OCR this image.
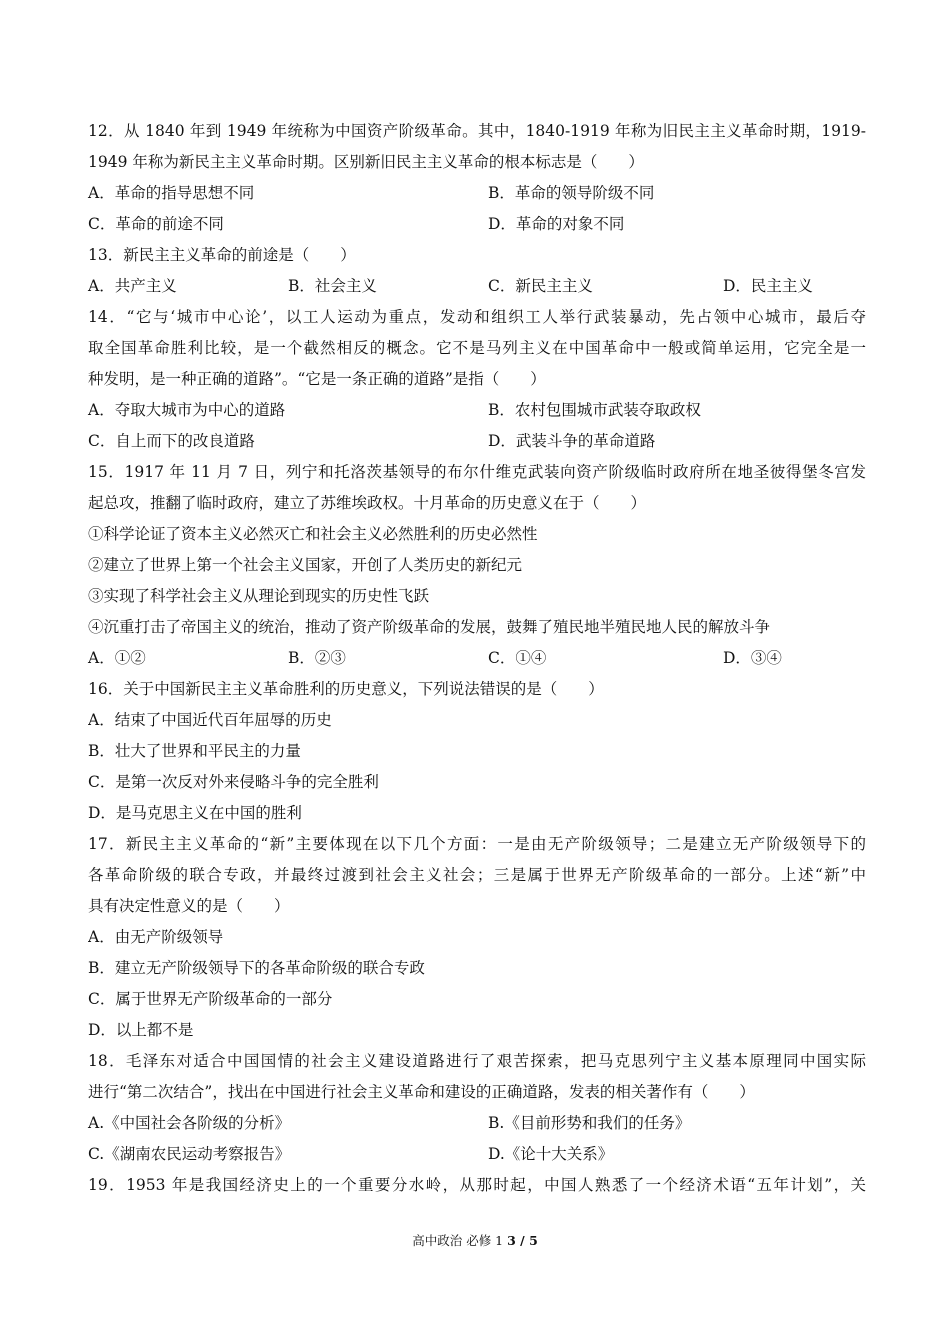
12．从 1840 年到 1949 年统称为中国资产阶级革命。其中，1840-1919 年称为旧民主主义革命时期，1919-
1949 年称为新民主主义革命时期。区别新旧民主主义革命的根本标志是（　　）
A．革命的指导思想不同	B．革命的领导阶级不同
C．革命的前途不同	D．革命的对象不同
13．新民主主义革命的前途是（　　）
A．共产主义	B．社会主义	C．新民主主义	D．民主主义
14．“它与‘城市中心论’，以工人运动为重点，发动和组织工人举行武装暴动，先占领中心城市，最后夺
取全国革命胜利比较，是一个截然相反的概念。它不是马列主义在中国革命中一般或简单运用，它完全是一
种发明，是一种正确的道路”。“它是一条正确的道路”是指（　　）
A．夺取大城市为中心的道路	B．农村包围城市武装夺取政权
C．自上而下的改良道路	D．武装斗争的革命道路
15．1917 年 11 月 7 日，列宁和托洛茨基领导的布尔什维克武装向资产阶级临时政府所在地圣彼得堡冬宫发
起总攻，推翻了临时政府，建立了苏维埃政权。十月革命的历史意义在于（　　）
①科学论证了资本主义必然灭亡和社会主义必然胜利的历史必然性
②建立了世界上第一个社会主义国家，开创了人类历史的新纪元
③实现了科学社会主义从理论到现实的历史性飞跃
④沉重打击了帝国主义的统治，推动了资产阶级革命的发展，鼓舞了殖民地半殖民地人民的解放斗争
A．①②	B．②③	C．①④	D．③④
16．关于中国新民主主义革命胜利的历史意义，下列说法错误的是（　　）
A．结束了中国近代百年屈辱的历史
B．壮大了世界和平民主的力量
C．是第一次反对外来侵略斗争的完全胜利
D．是马克思主义在中国的胜利
17．新民主主义革命的“新”主要体现在以下几个方面：一是由无产阶级领导；二是建立无产阶级领导下的
各革命阶级的联合专政，并最终过渡到社会主义社会；三是属于世界无产阶级革命的一部分。上述“新”中
具有决定性意义的是（　　）
A．由无产阶级领导
B．建立无产阶级领导下的各革命阶级的联合专政
C．属于世界无产阶级革命的一部分
D．以上都不是
18．毛泽东对适合中国国情的社会主义建设道路进行了艰苦探索，把马克思列宁主义基本原理同中国实际
进行“第二次结合”，找出在中国进行社会主义革命和建设的正确道路，发表的相关著作有（　　）
A.《中国社会各阶级的分析》	B.《目前形势和我们的任务》
C.《湖南农民运动考察报告》	D.《论十大关系》
19．1953 年是我国经济史上的一个重要分水岭，从那时起，中国人熟悉了一个经济术语“五年计划”，关
高中政治 必修 1 3 / 5
